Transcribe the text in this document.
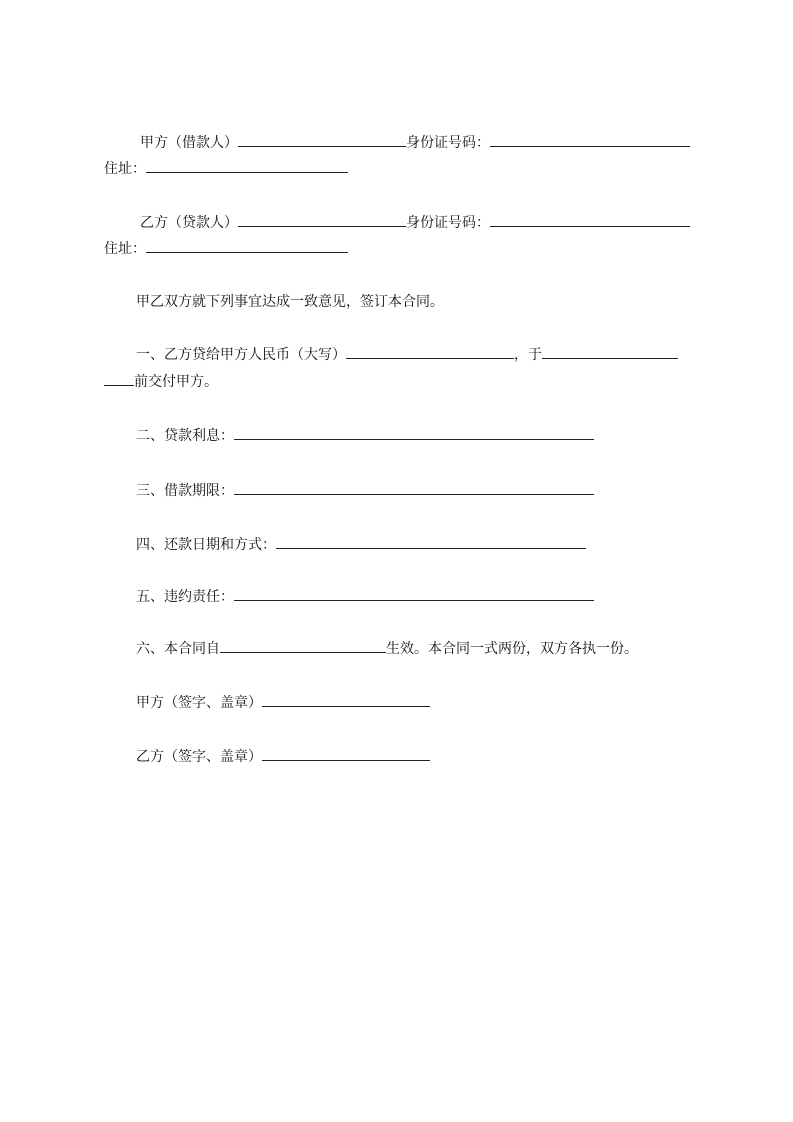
甲方（借款人）	身份证号码：
住址：
乙方（贷款人）	身份证号码：
住址：
甲乙双方就下列事宜达成一致意见，签订本合同。
一、乙方贷给甲方人民币（大写）	，于
前交付甲方。
二、贷款利息：
三、借款期限：
四、还款日期和方式：
五、违约责任：
六、本合同自	生效。本合同一式两份，双方各执一份。
甲方（签字、盖章）
乙方（签字、盖章）
